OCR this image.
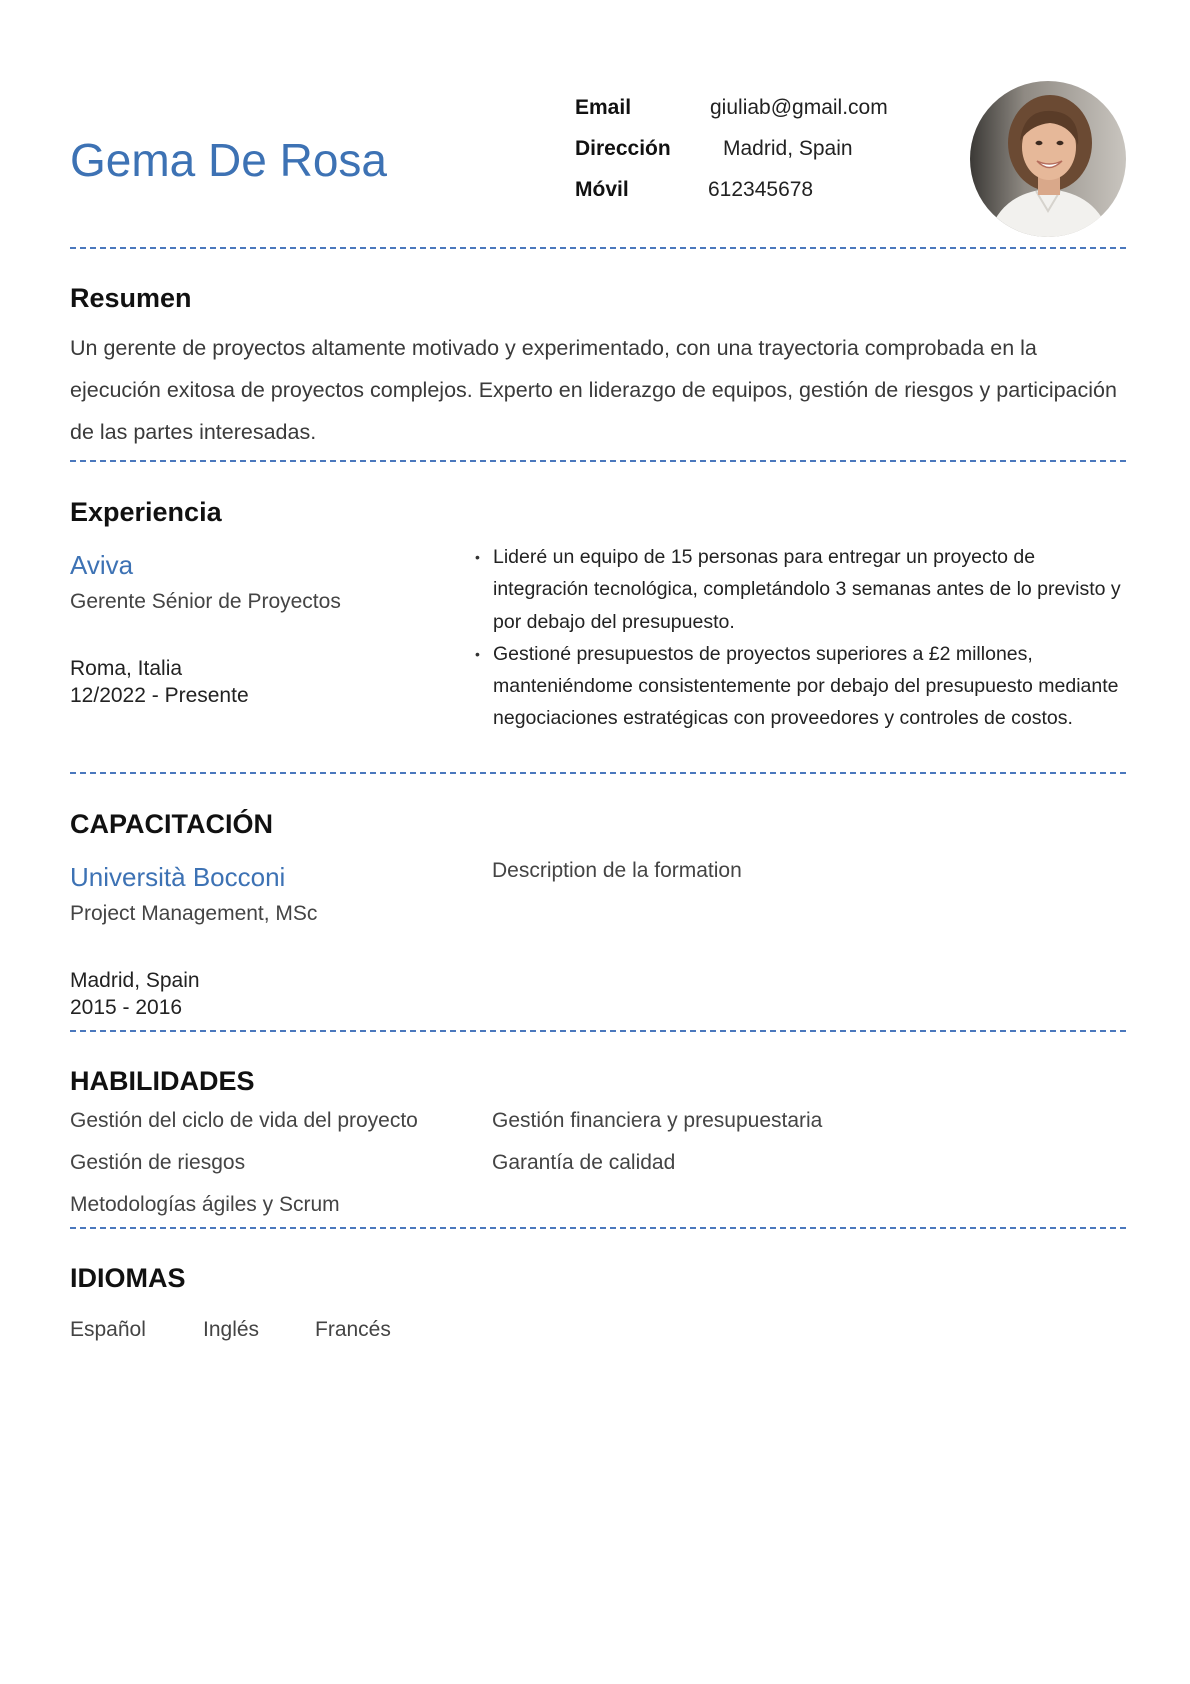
Gema De Rosa
Email	giuliab@gmail.com
Dirección Madrid, Spain
Móvil	612345678
Resumen
Un gerente de proyectos altamente motivado y experimentado, con una trayectoria comprobada en la ejecución exitosa de proyectos complejos. Experto en liderazgo de equipos, gestión de riesgos y participación de las partes interesadas.
Experiencia
Aviva
Gerente Sénior de Proyectos
Roma, Italia
12/2022 - Presente
• Lideré un equipo de 15 personas para entregar un proyecto de integración tecnológica, completándolo 3 semanas antes de lo previsto y por debajo del presupuesto.
• Gestioné presupuestos de proyectos superiores a £2 millones, manteniéndome consistentemente por debajo del presupuesto mediante negociaciones estratégicas con proveedores y controles de costos.
CAPACITACIÓN
Università Bocconi
Project Management, MSc
Madrid, Spain
2015 - 2016
Description de la formation
HABILIDADES
Gestión del ciclo de vida del proyecto	Gestión financiera y presupuestaria
Gestión de riesgos	Garantía de calidad
Metodologías ágiles y Scrum
IDIOMAS
Español	Inglés	Francés
